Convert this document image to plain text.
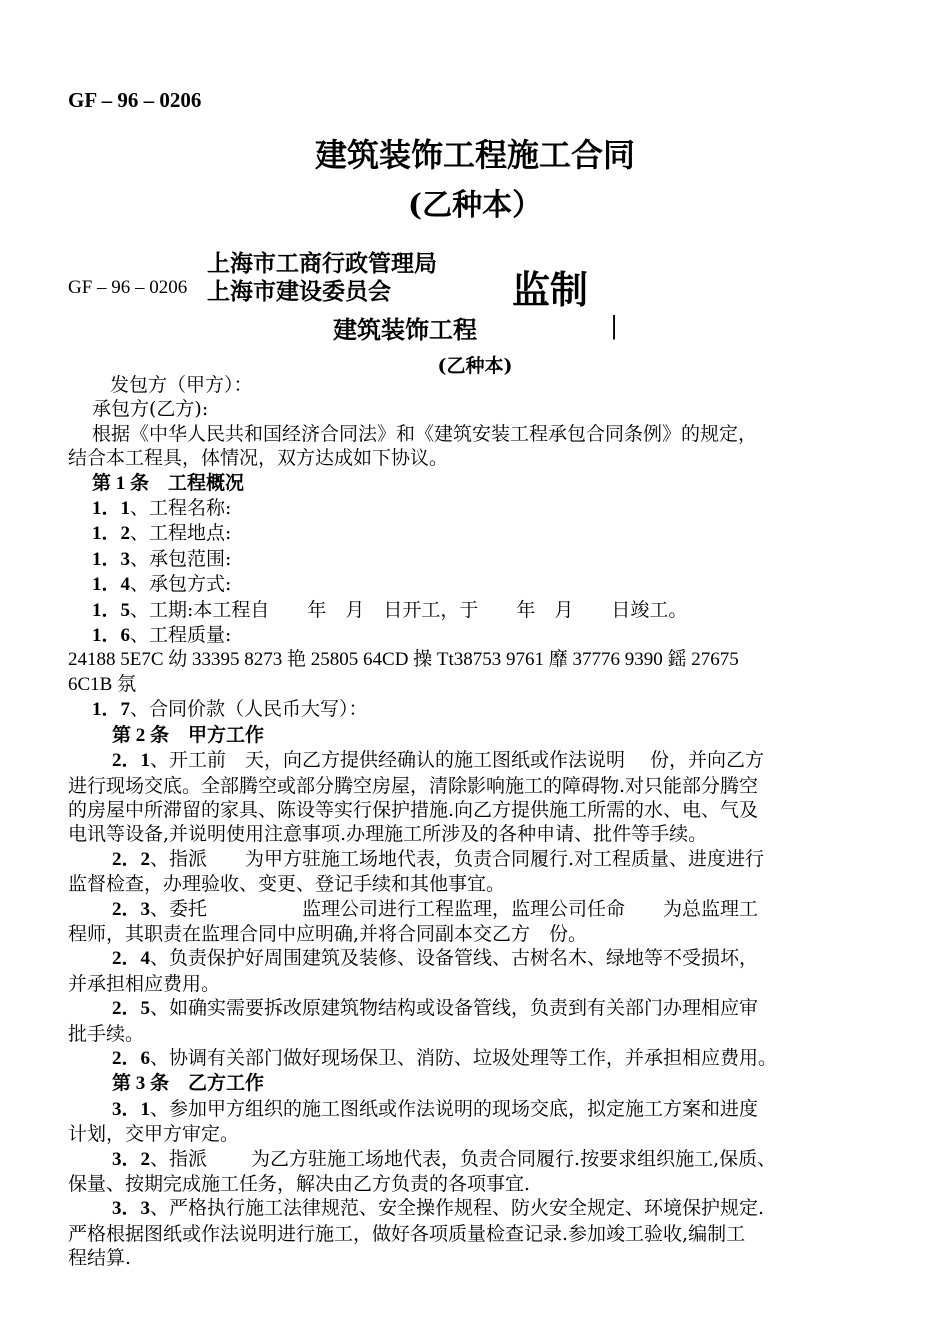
GF – 96 – 0206
建筑装饰工程施工合同
(乙种本）
上海市工商行政管理局
GF – 96 – 0206 上海市建设委员会	监制
建筑装饰工程	|
(乙种本)

发包方（甲方）：

承包方(乙方):

根据《中华人民共和国经济合同法》和《建筑安装工程承包合同条例》的规定，

结合本工程具，体情况，双方达成如下协议。

第 1 条　 工程概况

1．1、工程名称:

1．2、工程地点:

1．3、承包范围:

1．4、承包方式:

1．5、工期:本工程自　　年　月　日开工，于　　年　月　　日竣工。

1．6、工程质量:

24188 5E7C 幼 33395 8273 艳 25805 64CD 操 Tt38753 9761 靡 37776 9390 鎐 27675

6C1B 氛

1．7、合同价款（人民币大写）：

第 2 条　 甲方工作

2．1、开工前　天，向乙方提供经确认的施工图纸或作法说明　 份，并向乙方

进行现场交底。全部腾空或部分腾空房屋，清除影响施工的障碍物.对只能部分腾空

的房屋中所滞留的家具、陈设等实行保护措施.向乙方提供施工所需的水、电、气及

电讯等设备,并说明使用注意事项.办理施工所涉及的各种申请、批件等手续。

2．2、指派　　为甲方驻施工场地代表，负责合同履行.对工程质量、进度进行

监督检查，办理验收、变更、登记手续和其他事宜。

2．3、委托　　　　　监理公司进行工程监理，监理公司任命　　为总监理工

程师，其职责在监理合同中应明确,并将合同副本交乙方　份。

2．4、负责保护好周围建筑及装修、设备管线、古树名木、绿地等不受损坏，

并承担相应费用。

2．5、如确实需要拆改原建筑物结构或设备管线，负责到有关部门办理相应审

批手续。

2．6、协调有关部门做好现场保卫、消防、垃圾处理等工作，并承担相应费用。

第 3 条　 乙方工作

3．1、参加甲方组织的施工图纸或作法说明的现场交底，拟定施工方案和进度

计划，交甲方审定。

3．2、指派　　 为乙方驻施工场地代表，负责合同履行.按要求组织施工,保质、

保量、按期完成施工任务，解决由乙方负责的各项事宜.

3．3、严格执行施工法律规范、安全操作规程、防火安全规定、环境保护规定.

严格根据图纸或作法说明进行施工，做好各项质量检查记录.参加竣工验收,编制工

程结算.
